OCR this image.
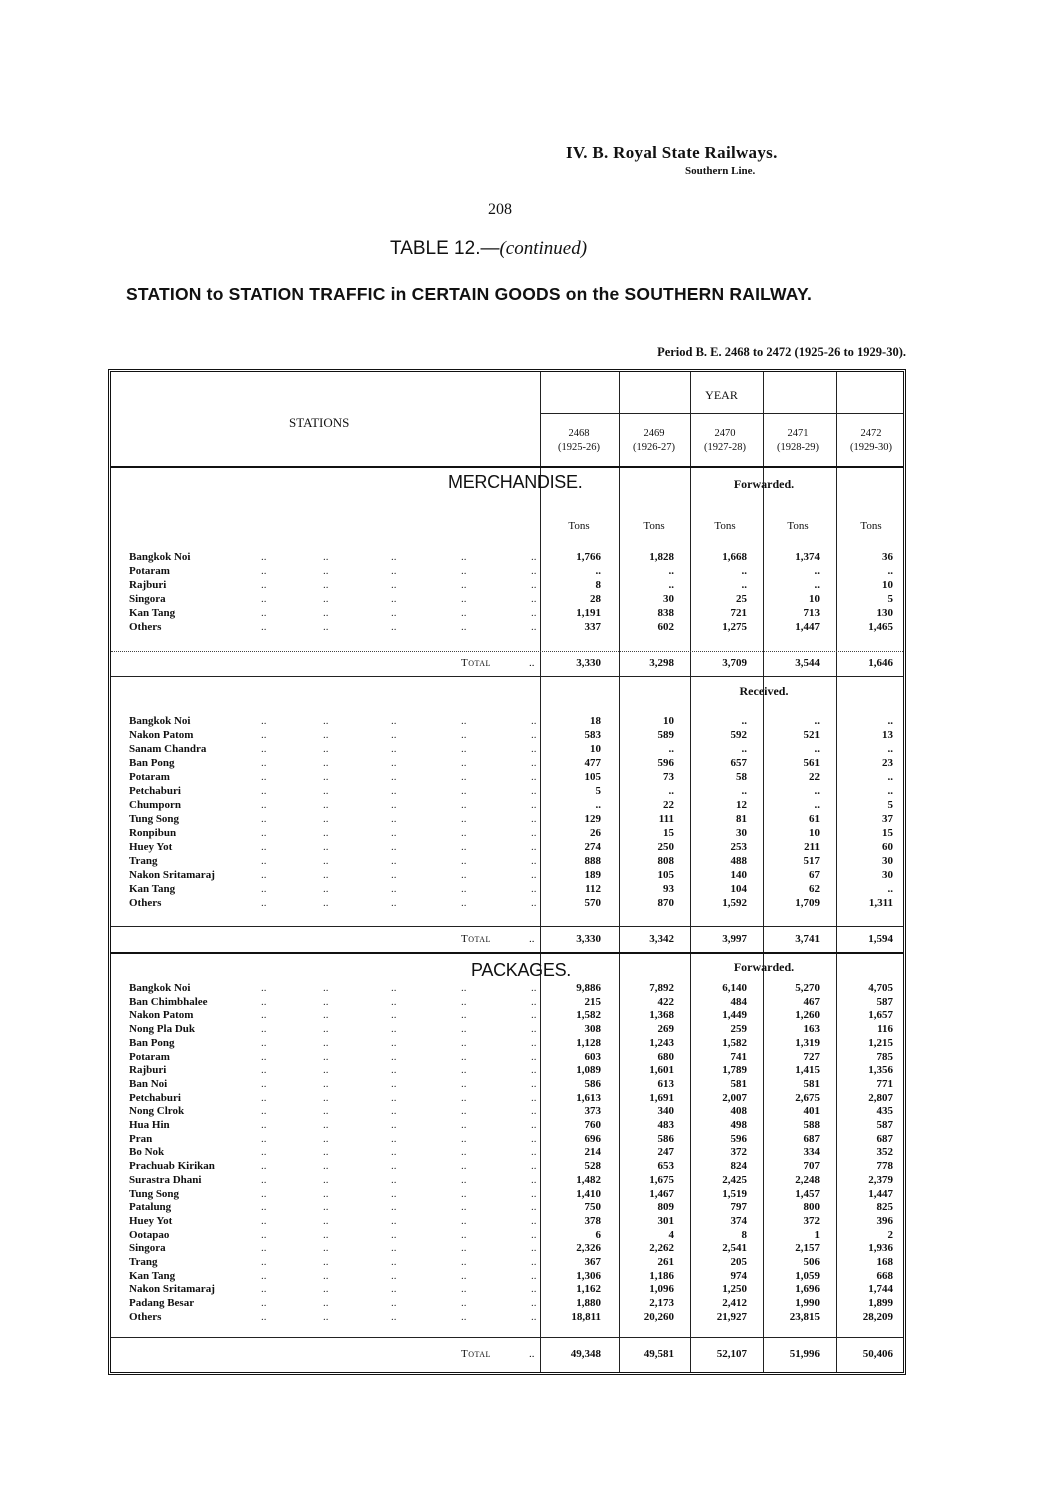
IV. B. Royal State Railways.
Southern Line.
208
TABLE 12.—(continued)
STATION to STATION TRAFFIC in CERTAIN GOODS on the SOUTHERN RAILWAY.
Period B. E. 2468 to 2472 (1925-26 to 1929-30).
STATIONS
YEAR
2468
(1925-26)
2469
(1926-27)
2470
(1927-28)
2471
(1928-29)
2472
(1929-30)
MERCHANDISE.	Forwarded.
Tons	Tons	Tons	Tons	Tons
Bangkok Noi	..	..	..	..	..	1,766	1,828	1,668	1,374	36
Potaram	..	..	..	..	..	..	..	..	..	..
Rajburi	..	..	..	..	..	8	..	..	..	10
Singora	..	..	..	..	..	28	30	25	10	5
Kan Tang	..	..	..	..	..	1,191	838	721	713	130
Others	..	..	..	..	..	337	602	1,275	1,447	1,465
Total	..	3,330	3,298	3,709	3,544	1,646
Received.
Bangkok Noi	..	..	..	..	..	18	10	..	..	..
Nakon Patom	..	..	..	..	..	583	589	592	521	13
Sanam Chandra	..	..	..	..	..	10	..	..	..	..
Ban Pong	..	..	..	..	..	477	596	657	561	23
Potaram	..	..	..	..	..	105	73	58	22	..
Petchaburi	..	..	..	..	..	5	..	..	..	..
Chumporn	..	..	..	..	..	..	22	12	..	5
Tung Song	..	..	..	..	..	129	111	81	61	37
Ronpibun	..	..	..	..	..	26	15	30	10	15
Huey Yot	..	..	..	..	..	274	250	253	211	60
Trang	..	..	..	..	..	888	808	488	517	30
Nakon Sritamaraj	..	..	..	..	..	189	105	140	67	30
Kan Tang	..	..	..	..	..	112	93	104	62	..
Others	..	..	..	..	..	570	870	1,592	1,709	1,311
Total	..	3,330	3,342	3,997	3,741	1,594
PACKAGES.	Forwarded.
Bangkok Noi	..	..	..	..	..	9,886	7,892	6,140	5,270	4,705
Ban Chimbhalee	..	..	..	..	..	215	422	484	467	587
Nakon Patom	..	..	..	..	..	1,582	1,368	1,449	1,260	1,657
Nong Pla Duk	..	..	..	..	..	308	269	259	163	116
Ban Pong	..	..	..	..	..	1,128	1,243	1,582	1,319	1,215
Potaram	..	..	..	..	..	603	680	741	727	785
Rajburi	..	..	..	..	..	1,089	1,601	1,789	1,415	1,356
Ban Noi	..	..	..	..	..	586	613	581	581	771
Petchaburi	..	..	..	..	..	1,613	1,691	2,007	2,675	2,807
Nong Clrok	..	..	..	..	..	373	340	408	401	435
Hua Hin	..	..	..	..	..	760	483	498	588	587
Pran	..	..	..	..	..	696	586	596	687	687
Bo Nok	..	..	..	..	..	214	247	372	334	352
Prachuab Kirikan	..	..	..	..	..	528	653	824	707	778
Surastra Dhani	..	..	..	..	..	1,482	1,675	2,425	2,248	2,379
Tung Song	..	..	..	..	..	1,410	1,467	1,519	1,457	1,447
Patalung	..	..	..	..	..	750	809	797	800	825
Huey Yot	..	..	..	..	..	378	301	374	372	396
Ootapao	..	..	..	..	..	6	4	8	1	2
Singora	..	..	..	..	..	2,326	2,262	2,541	2,157	1,936
Trang	..	..	..	..	..	367	261	205	506	168
Kan Tang	..	..	..	..	..	1,306	1,186	974	1,059	668
Nakon Sritamaraj	..	..	..	..	..	1,162	1,096	1,250	1,696	1,744
Padang Besar	..	..	..	..	..	1,880	2,173	2,412	1,990	1,899
Others	..	..	..	..	..	18,811	20,260	21,927	23,815	28,209
Total	..	49,348	49,581	52,107	51,996	50,406
